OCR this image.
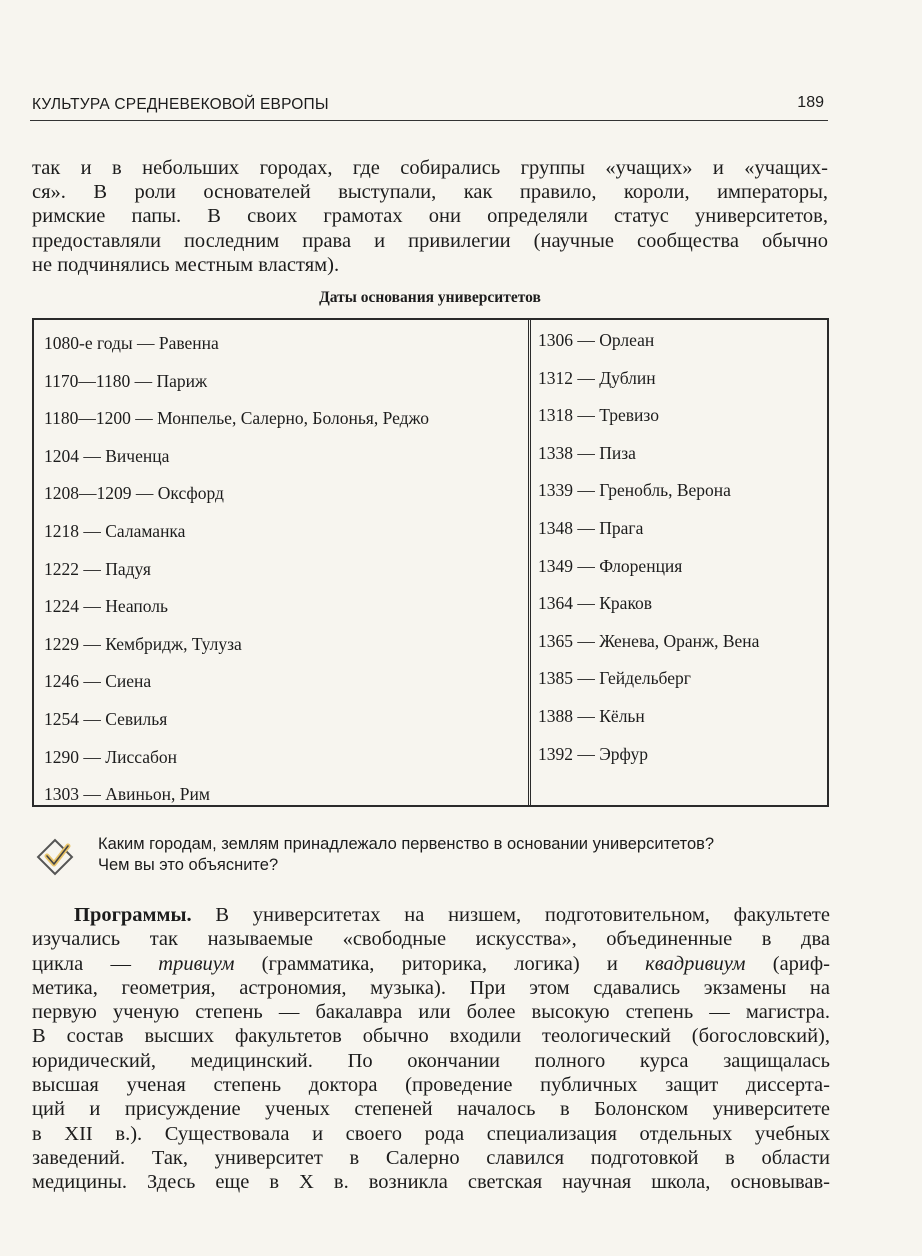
КУЛЬТУРА СРЕДНЕВЕКОВОЙ ЕВРОПЫ	189

так и в небольших городах, где собирались группы «учащих» и «учащих-

ся». В роли основателей выступали, как правило, короли, императоры,

римские папы. В своих грамотах они определяли статус университетов,

предоставляли последним права и привилегии (научные сообщества обычно

не подчинялись местным властям).

Даты основания университетов
1080-е годы — Равенна
1170—1180 — Париж
1180—1200 — Монпелье, Салерно, Болонья, Реджо
1204 — Виченца
1208—1209 — Оксфорд
1218 — Саламанка
1222 — Падуя
1224 — Неаполь
1229 — Кембридж, Тулуза
1246 — Сиена
1254 — Севилья
1290 — Лиссабон
1303 — Авиньон, Рим
1306 — Орлеан
1312 — Дублин
1318 — Тревизо
1338 — Пиза
1339 — Гренобль, Верона
1348 — Прага
1349 — Флоренция
1364 — Краков
1365 — Женева, Оранж, Вена
1385 — Гейдельберг
1388 — Кёльн
1392 — Эрфур
Каким городам, землям принадлежало первенство в основании университетов?
Чем вы это объясните?

Программы. В университетах на низшем, подготовительном, факультете

изучались так называемые «свободные искусства», объединенные в два

цикла — тривиум (грамматика, риторика, логика) и квадривиум (ариф-

метика, геометрия, астрономия, музыка). При этом сдавались экзамены на

первую ученую степень — бакалавра или более высокую степень — магистра.

В состав высших факультетов обычно входили теологический (богословский),

юридический, медицинский. По окончании полного курса защищалась

высшая ученая степень доктора (проведение публичных защит диссерта-

ций и присуждение ученых степеней началось в Болонском университете

в XII в.). Существовала и своего рода специализация отдельных учебных

заведений. Так, университет в Салерно славился подготовкой в области

медицины. Здесь еще в X в. возникла светская научная школа, основывав-
